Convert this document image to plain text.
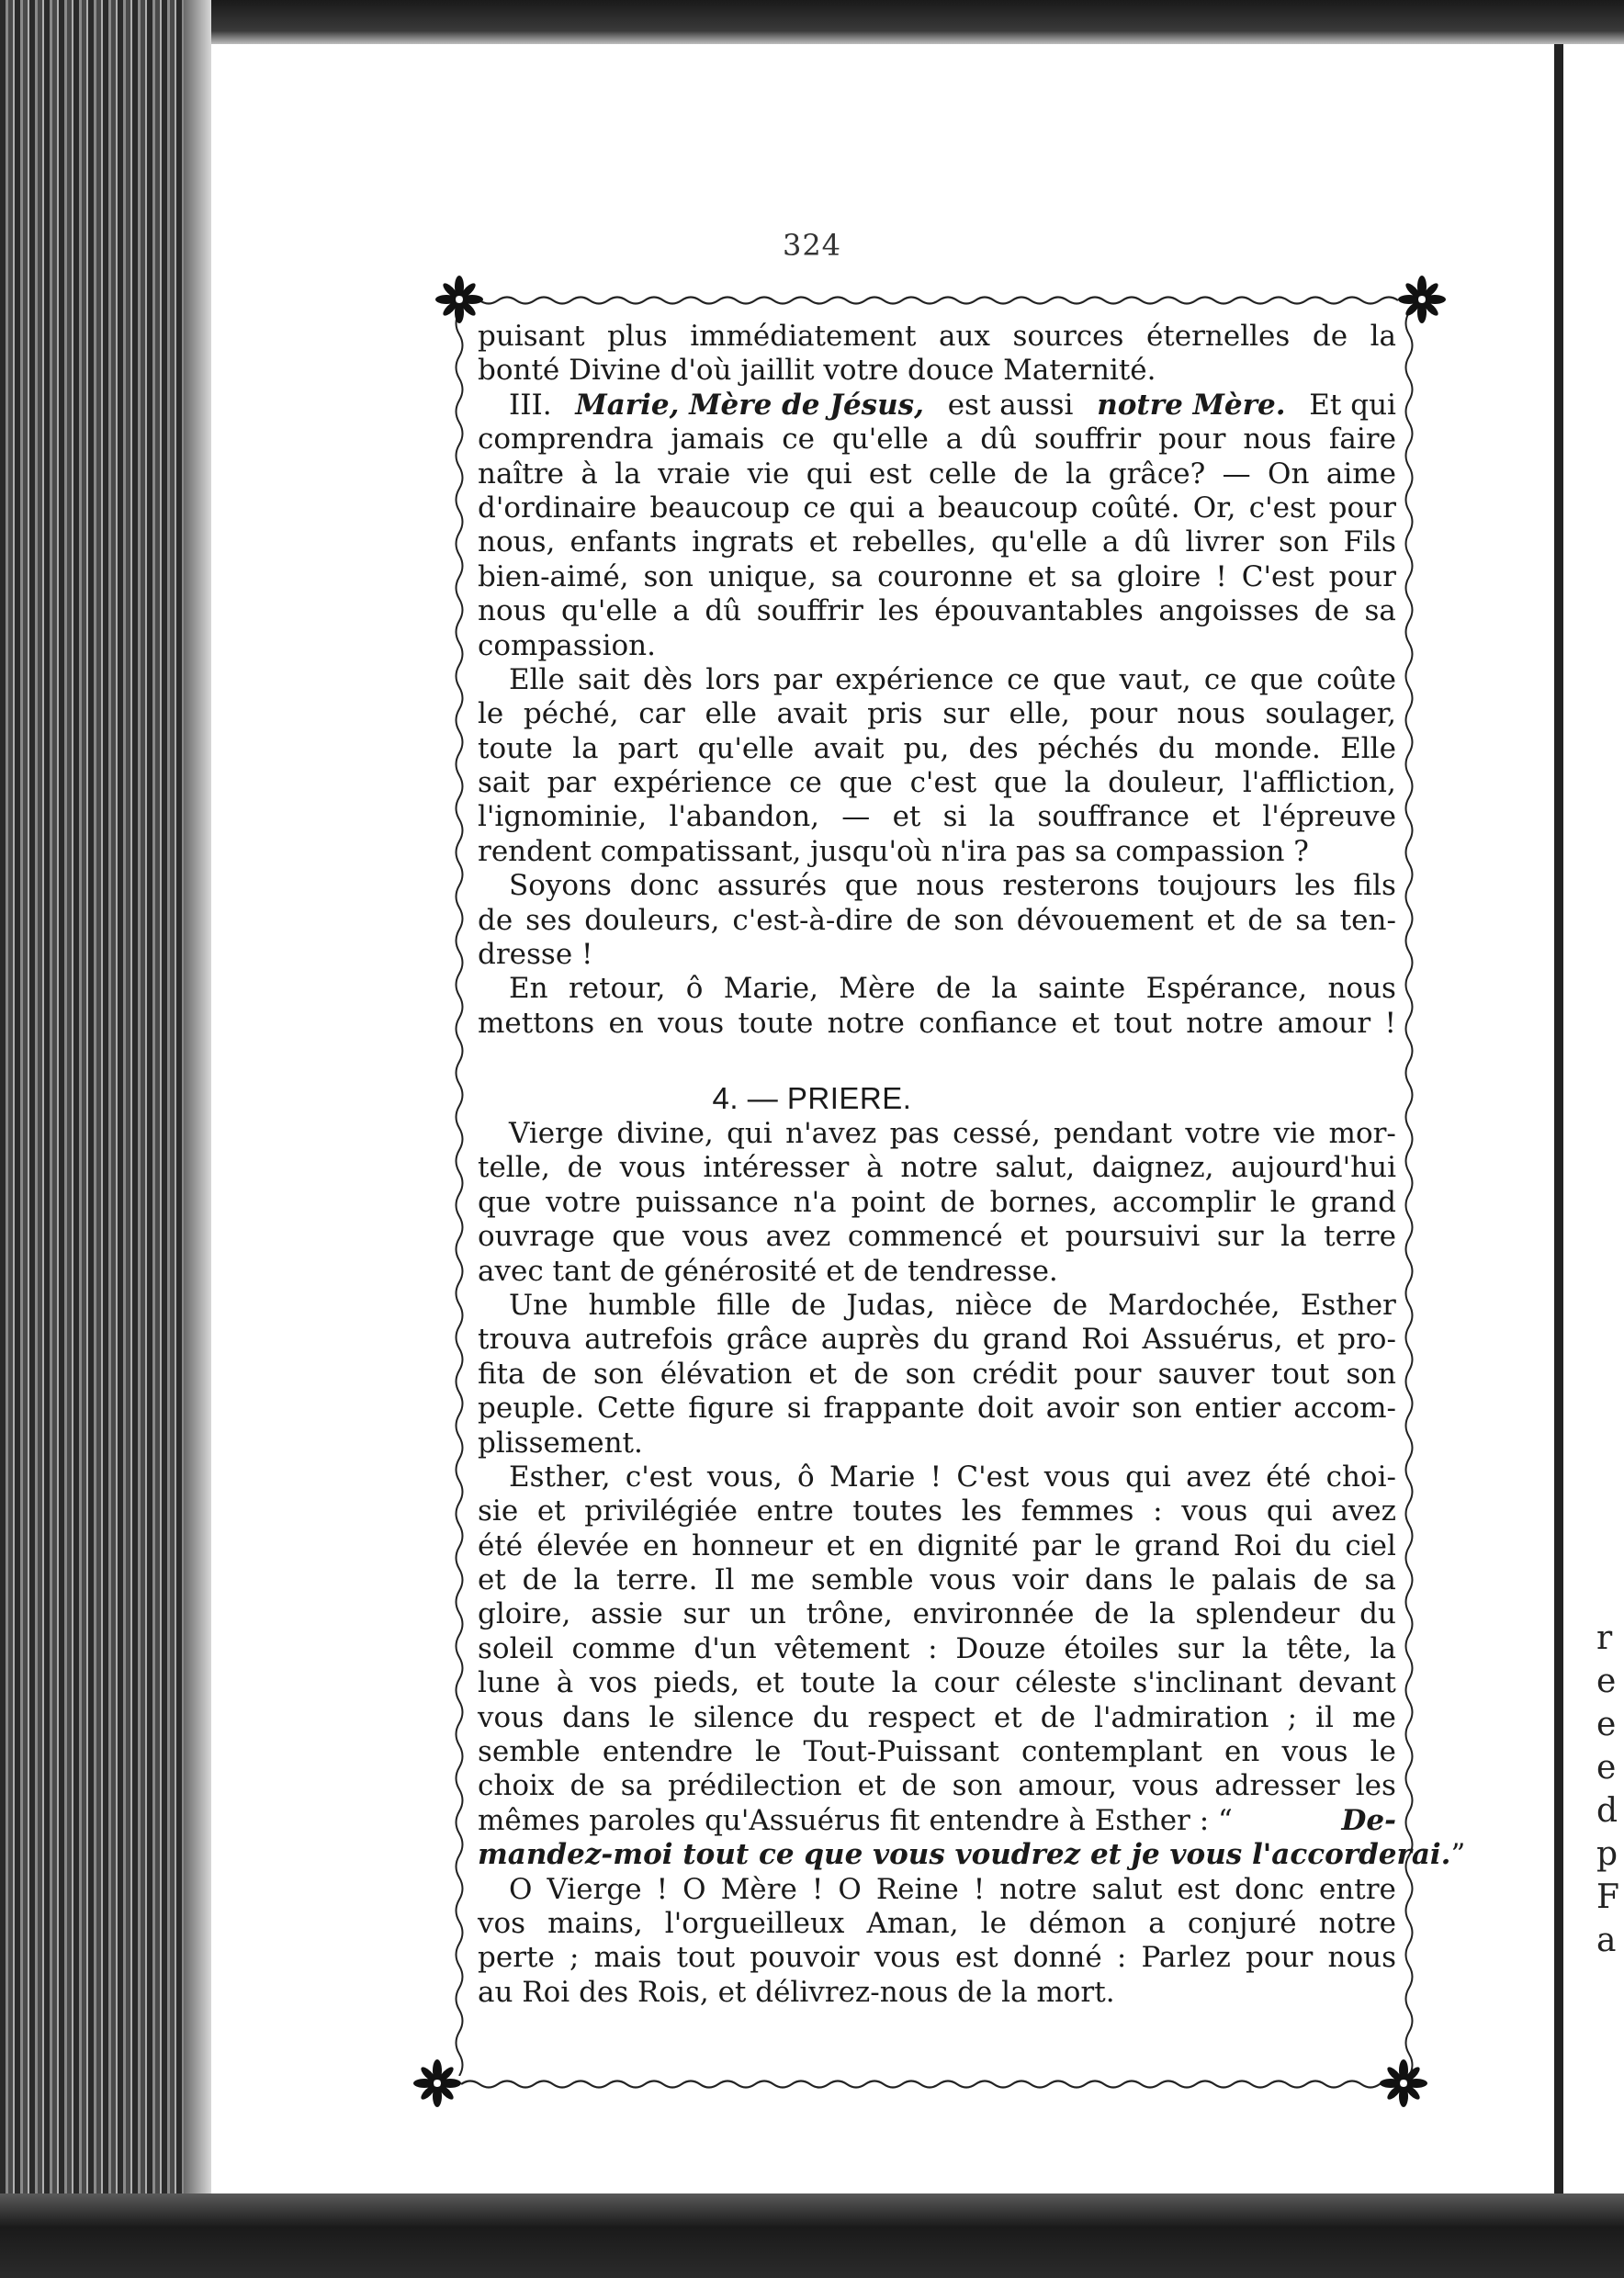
r
e
e
e
d
p
F
a
324
puisant plus immédiatement aux sources éternelles de la
bonté Divine d'où jaillit votre douce Maternité.
III. Marie, Mère de Jésus, est aussi notre Mère. Et qui
comprendra jamais ce qu'elle a dû souffrir pour nous faire
naître à la vraie vie qui est celle de la grâce? — On aime
d'ordinaire beaucoup ce qui a beaucoup coûté. Or, c'est pour
nous, enfants ingrats et rebelles, qu'elle a dû livrer son Fils
bien-aimé, son unique, sa couronne et sa gloire ! C'est pour
nous qu'elle a dû souffrir les épouvantables angoisses de sa
compassion.
Elle sait dès lors par expérience ce que vaut, ce que coûte
le péché, car elle avait pris sur elle, pour nous soulager,
toute la part qu'elle avait pu, des péchés du monde. Elle
sait par expérience ce que c'est que la douleur, l'affliction,
l'ignominie, l'abandon, — et si la souffrance et l'épreuve
rendent compatissant, jusqu'où n'ira pas sa compassion ?
Soyons donc assurés que nous resterons toujours les fils
de ses douleurs, c'est-à-dire de son dévouement et de sa ten-
dresse !
En retour, ô Marie, Mère de la sainte Espérance, nous
mettons en vous toute notre confiance et tout notre amour !
4. — PRIERE.
Vierge divine, qui n'avez pas cessé, pendant votre vie mor-
telle, de vous intéresser à notre salut, daignez, aujourd'hui
que votre puissance n'a point de bornes, accomplir le grand
ouvrage que vous avez commencé et poursuivi sur la terre
avec tant de générosité et de tendresse.
Une humble fille de Judas, nièce de Mardochée, Esther
trouva autrefois grâce auprès du grand Roi Assuérus, et pro-
fita de son élévation et de son crédit pour sauver tout son
peuple. Cette figure si frappante doit avoir son entier accom-
plissement.
Esther, c'est vous, ô Marie ! C'est vous qui avez été choi-
sie et privilégiée entre toutes les femmes : vous qui avez
été élevée en honneur et en dignité par le grand Roi du ciel
et de la terre. Il me semble vous voir dans le palais de sa
gloire, assie sur un trône, environnée de la splendeur du
soleil comme d'un vêtement : Douze étoiles sur la tête, la
lune à vos pieds, et toute la cour céleste s'inclinant devant
vous dans le silence du respect et de l'admiration ; il me
semble entendre le Tout-Puissant contemplant en vous le
choix de sa prédilection et de son amour, vous adresser les
mêmes paroles qu'Assuérus fit entendre à Esther : “	De-
mandez-moi tout ce que vous voudrez et je vous l'accorderai. ”
O Vierge ! O Mère ! O Reine ! notre salut est donc entre
vos mains, l'orgueilleux Aman, le démon a conjuré notre
perte ; mais tout pouvoir vous est donné : Parlez pour nous
au Roi des Rois, et délivrez-nous de la mort.
